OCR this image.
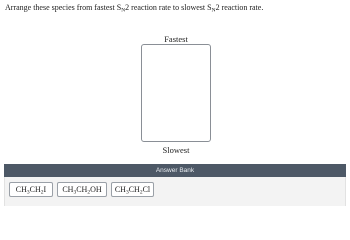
Arrange these species from fastest $S_N2$ reaction rate to slowest $S_N2$ reaction rate.
Fastest
Slowest
Answer Bank
$CH_3CH_2I$	$CH_3CH_2OH$	$CH_3CH_2Cl$
